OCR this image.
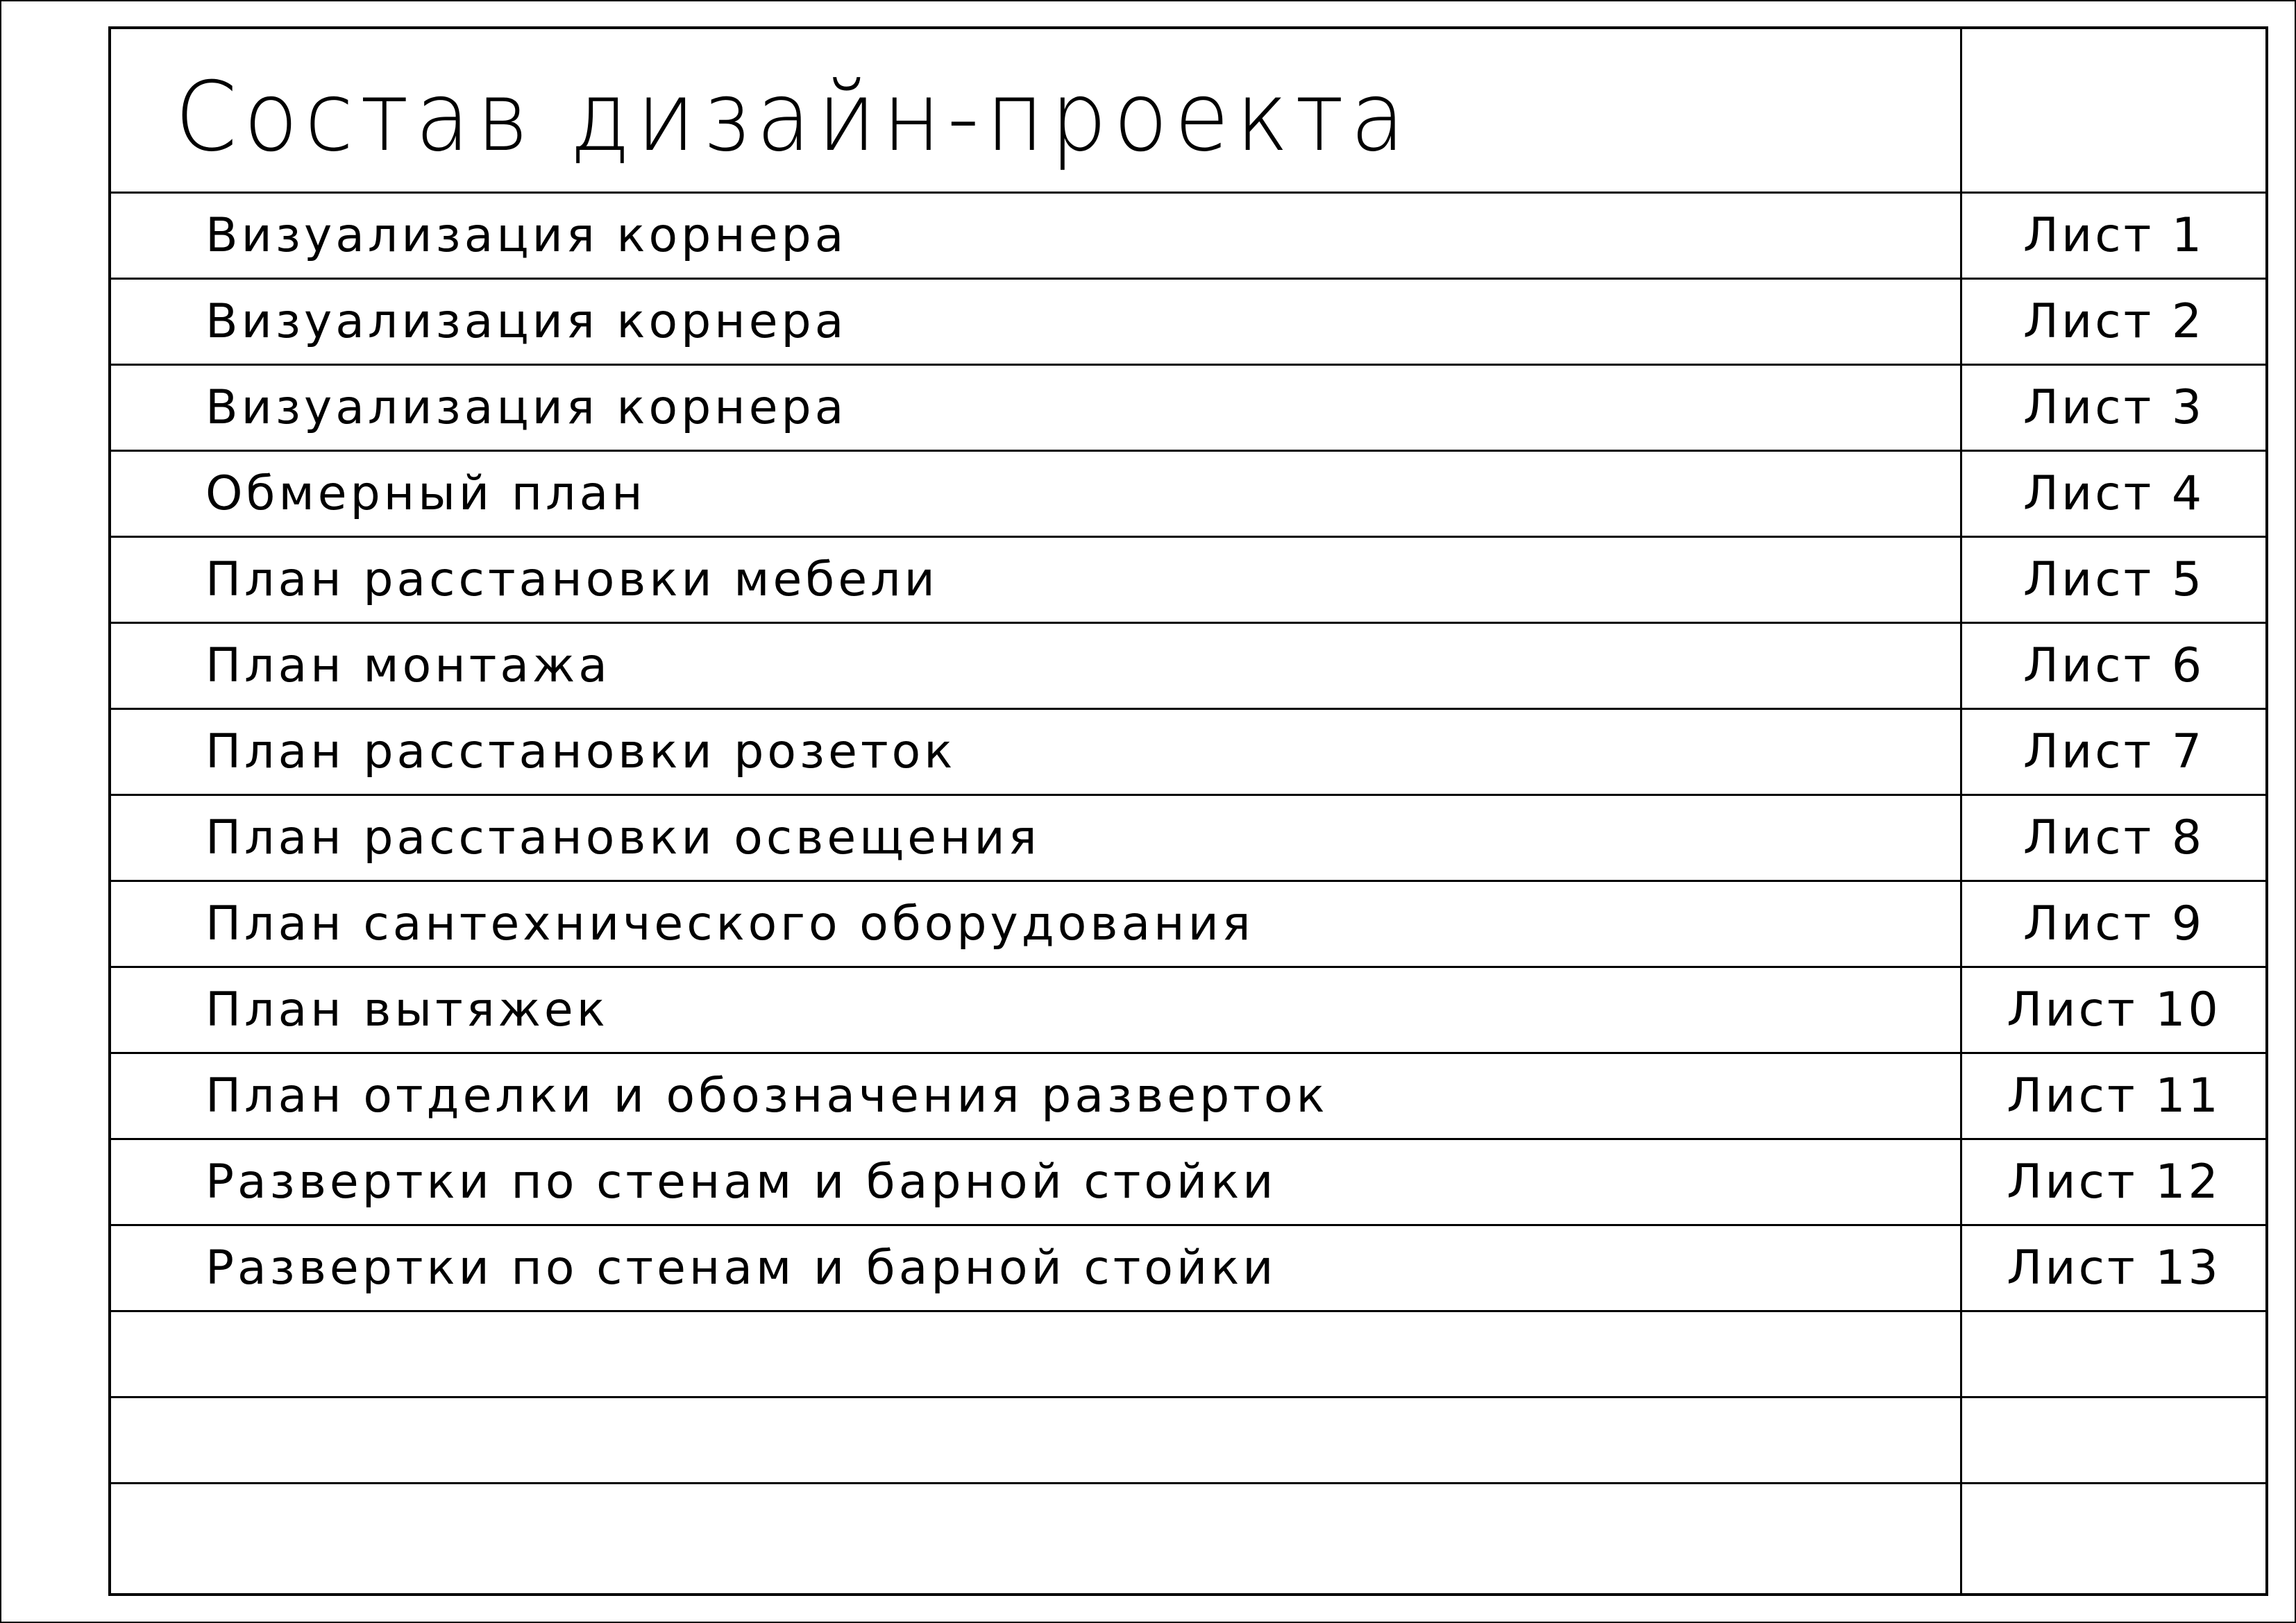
Состав дизайн-проекта
Визуализация корнера	Лист 1
Визуализация корнера	Лист 2
Визуализация корнера	Лист 3
Обмерный план	Лист 4
План расстановки мебели	Лист 5
План монтажа	Лист 6
План расстановки розеток	Лист 7
План расстановки освещения	Лист 8
План сантехнического оборудования	Лист 9
План вытяжек	Лист 10
План отделки и обозначения разверток	Лист 11
Развертки по стенам и барной стойки	Лист 12
Развертки по стенам и барной стойки	Лист 13
